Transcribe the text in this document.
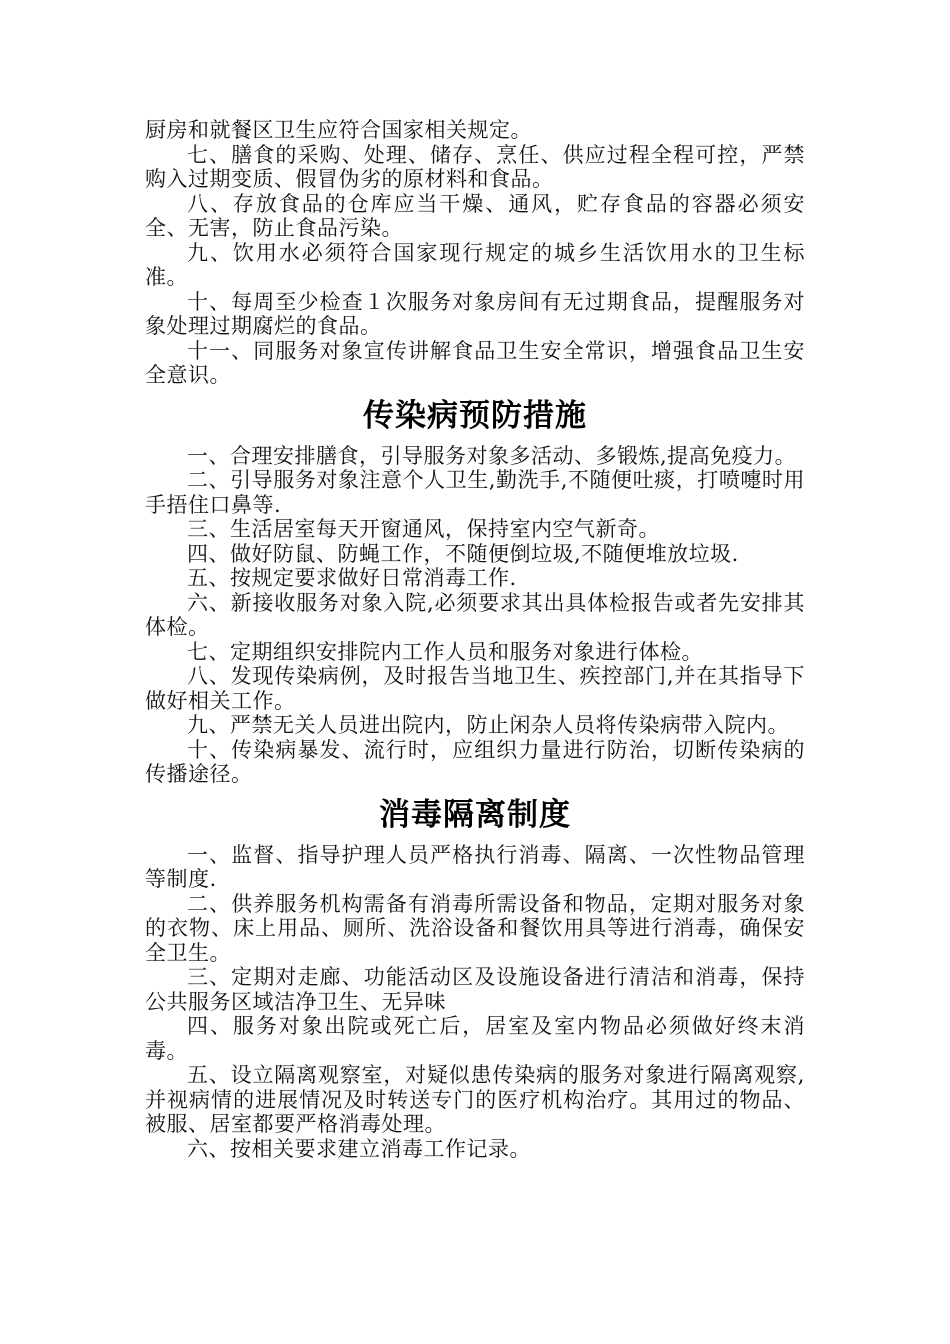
厨房和就餐区卫生应符合国家相关规定。

七、膳食的采购、处理、储存、烹任、供应过程全程可控，严禁购入过期变质、假冒伪劣的原材料和食品。

八、存放食品的仓库应当干燥、通风，贮存食品的容器必须安全、无害，防止食品污染。

九、饮用水必须符合国家现行规定的城乡生活饮用水的卫生标准。

十、每周至少检查１次服务对象房间有无过期食品，提醒服务对象处理过期腐烂的食品。

十一、同服务对象宣传讲解食品卫生安全常识，增强食品卫生安全意识。

传染病预防措施

一、合理安排膳食，引导服务对象多活动、多锻炼,提高免疫力。

二、引导服务对象注意个人卫生,勤洗手,不随便吐痰，打喷嚏时用手捂住口鼻等.

三、生活居室每天开窗通风，保持室内空气新奇。

四、做好防鼠、防蝇工作，不随便倒垃圾,不随便堆放垃圾.

五、按规定要求做好日常消毒工作.

六、新接收服务对象入院,必须要求其出具体检报告或者先安排其体检。

七、定期组织安排院内工作人员和服务对象进行体检。

八、发现传染病例，及时报告当地卫生、疾控部门,并在其指导下做好相关工作。

九、严禁无关人员进出院内，防止闲杂人员将传染病带入院内。

十、传染病暴发、流行时，应组织力量进行防治，切断传染病的传播途径。

消毒隔离制度

一、监督、指导护理人员严格执行消毒、隔离、一次性物品管理等制度.

二、供养服务机构需备有消毒所需设备和物品，定期对服务对象的衣物、床上用品、厕所、洗浴设备和餐饮用具等进行消毒，确保安全卫生。

三、定期对走廊、功能活动区及设施设备进行清洁和消毒，保持公共服务区域洁净卫生、无异味

四、服务对象出院或死亡后，居室及室内物品必须做好终末消毒。

五、设立隔离观察室，对疑似患传染病的服务对象进行隔离观察,并视病情的进展情况及时转送专门的医疗机构治疗。其用过的物品、被服、居室都要严格消毒处理。

六、按相关要求建立消毒工作记录。
